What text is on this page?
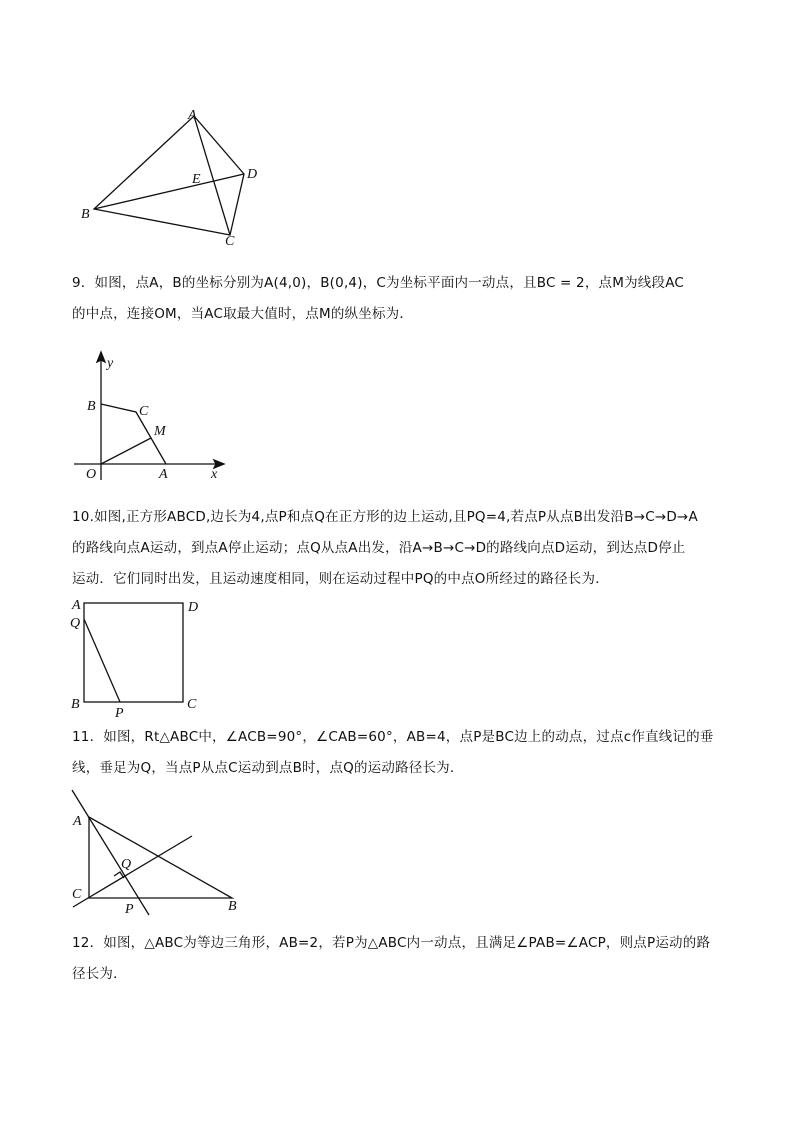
A
E	D
B
C
9．如图，点A，B的坐标分别为A(4,0)，B(0,4)，C为坐标平面内一动点，且BC = 2，点M为线段AC
的中点，连接OM，当AC取最大值时，点M的纵坐标为．
y
B	C
M
O	A	x
10.如图,正方形ABCD,边长为4,点P和点Q在正方形的边上运动,且PQ=4,若点P从点B出发沿B→C→D→A
的路线向点A运动，到点A停止运动；点Q从点A出发，沿A→B→C→D的路线向点D运动，到达点D停止
运动．它们同时出发，且运动速度相同，则在运动过程中PQ的中点O所经过的路径长为．
A	D
Q
B	C
P
11．如图，Rt△ABC中，∠ACB=90°，∠CAB=60°，AB=4，点P是BC边上的动点，过点c作直线记的垂
线，垂足为Q，当点P从点C运动到点B时，点Q的运动路径长为．
A
Q
C
P	B
12．如图，△ABC为等边三角形，AB=2，若P为△ABC内一动点，且满足∠PAB=∠ACP，则点P运动的路
径长为．
